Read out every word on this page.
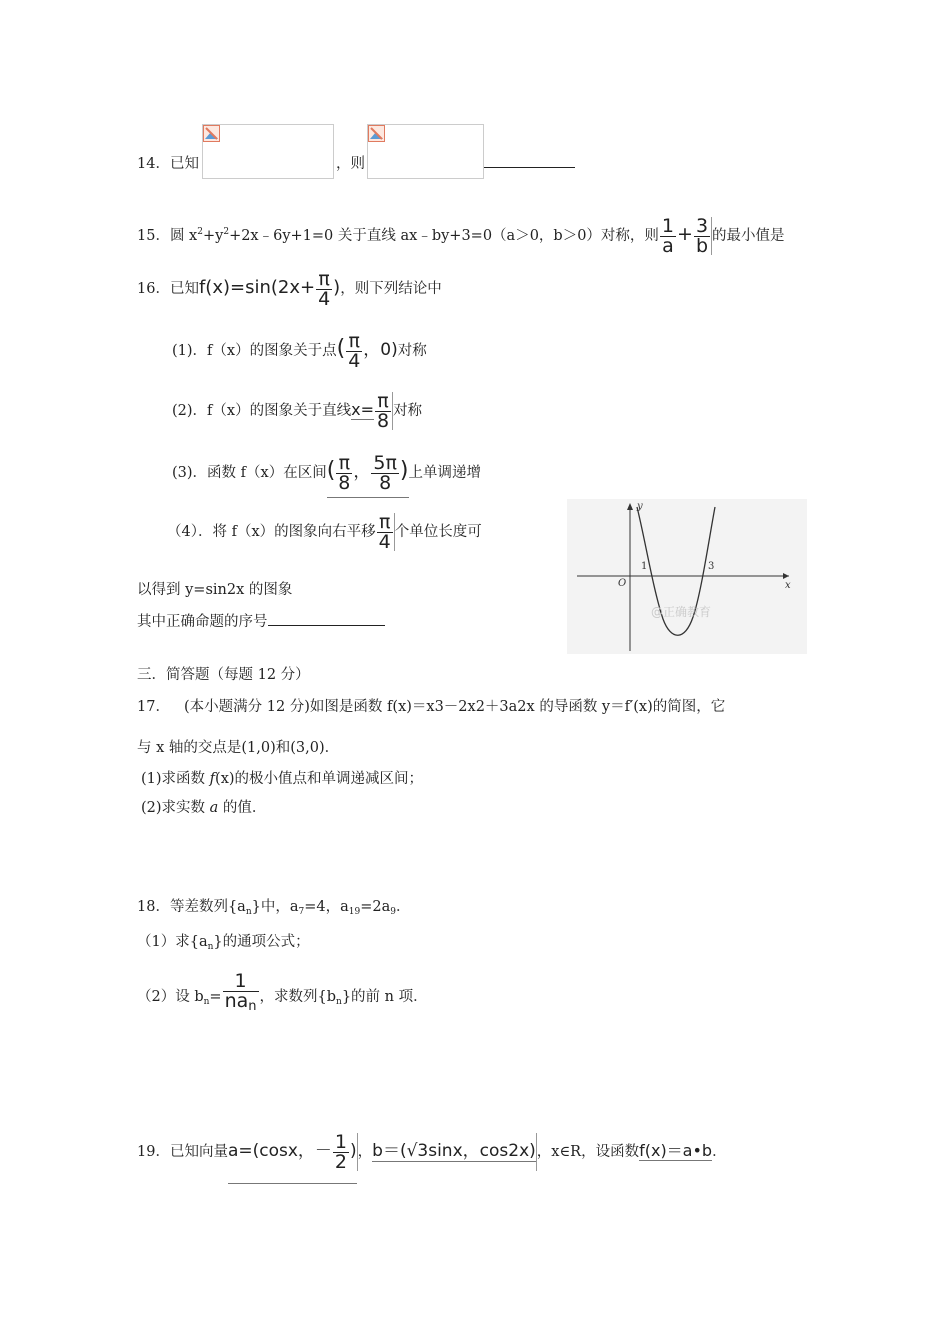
14．已知	，则
15．圆 $x^2+y^2+2x﹣6y+1=0$ 关于直线 ax﹣by+3=0（a＞0，b＞0）对称，则 $\frac{1}{a} + \frac{3}{b}$ 的最小值是
16．已知$f(x)=\sin(2x+ \frac{\pi}{4}$ )，则下列结论中
(1)．f（x）的图象关于点( $\frac{\pi}{4}$ ，0)对称
(2)．f（x）的图象关于直线$x= \frac{\pi}{8}$ 对称
(3)．函数 f（x）在区间( $\frac{\pi}{8}$ ， $\frac{5\pi}{8}$ )上单调递增
（4）．将 f（x）的图象向右平移 $\frac{\pi}{4}$ 个单位长度可
以得到 y=sin2x 的图象
其中正确命题的序号
y
x
O
1	3
@正确教育
三．简答题（每题 12 分）
17． (本小题满分 12 分)如图是函数 f(x)＝x3－2x2＋3a2x 的导函数 y＝f′(x)的简图，它
与 x 轴的交点是(1,0)和(3,0)．
(1)求函数 f(x)的极小值点和单调递减区间；
(2)求实数 a 的值．
18．等差数列$\{a_n\}$中，$a_7=4$，$a_{19}=2a_9$．
（1）求$\{a_n\}$的通项公式；
（2）设 $b_n= \frac{1}{na_n}$ ，求数列$\{b_n\}$的前 n 项．
19．已知向量a=(cosx，－ $\frac{1}{2}$ )，b＝(√3sinx，cos2x)，x∈R，设函数f(x)＝a•b．
